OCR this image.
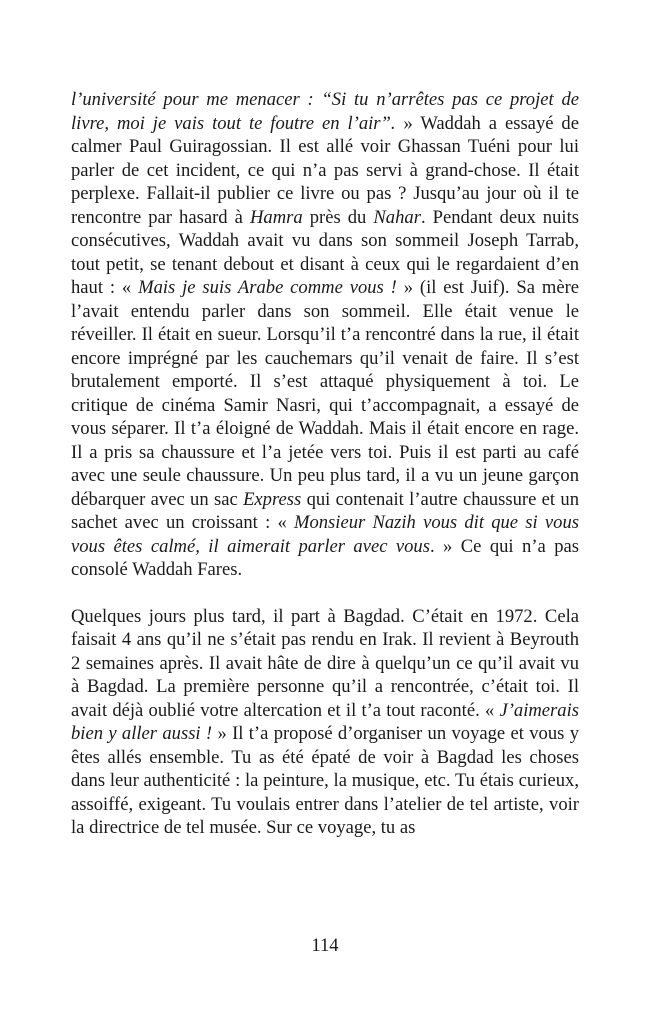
l’université pour me menacer : “Si tu n’arrêtes pas ce projet de livre, moi je vais tout te foutre en l’air”. » Waddah a essayé de calmer Paul Guiragossian. Il est allé voir Ghassan Tuéni pour lui parler de cet incident, ce qui n’a pas servi à grand-chose. Il était perplexe. Fallait-il publier ce livre ou pas ? Jusqu’au jour où il te rencontre par hasard à Hamra près du Nahar. Pendant deux nuits consécutives, Waddah avait vu dans son sommeil Joseph Tarrab, tout petit, se tenant debout et disant à ceux qui le regardaient d’en haut : « Mais je suis Arabe comme vous ! » (il est Juif). Sa mère l’avait entendu parler dans son sommeil. Elle était venue le réveiller. Il était en sueur. Lorsqu’il t’a rencontré dans la rue, il était encore imprégné par les cauchemars qu’il venait de faire. Il s’est brutalement emporté. Il s’est attaqué physiquement à toi. Le critique de cinéma Samir Nasri, qui t’accompagnait, a essayé de vous séparer. Il t’a éloigné de Waddah. Mais il était encore en rage. Il a pris sa chaussure et l’a jetée vers toi. Puis il est parti au café avec une seule chaussure. Un peu plus tard, il a vu un jeune garçon débarquer avec un sac Express qui contenait l’autre chaussure et un sachet avec un croissant : « Monsieur Nazih vous dit que si vous vous êtes calmé, il aimerait parler avec vous. » Ce qui n’a pas consolé Waddah Fares.

Quelques jours plus tard, il part à Bagdad. C’était en 1972. Cela faisait 4 ans qu’il ne s’était pas rendu en Irak. Il revient à Beyrouth 2 semaines après. Il avait hâte de dire à quelqu’un ce qu’il avait vu à Bagdad. La première personne qu’il a rencontrée, c’était toi. Il avait déjà oublié votre altercation et il t’a tout raconté. « J’aimerais bien y aller aussi ! » Il t’a proposé d’organiser un voyage et vous y êtes allés ensemble. Tu as été épaté de voir à Bagdad les choses dans leur authenticité : la peinture, la musique, etc. Tu étais curieux, assoiffé, exigeant. Tu voulais entrer dans l’atelier de tel artiste, voir la directrice de tel musée. Sur ce voyage, tu as

114
